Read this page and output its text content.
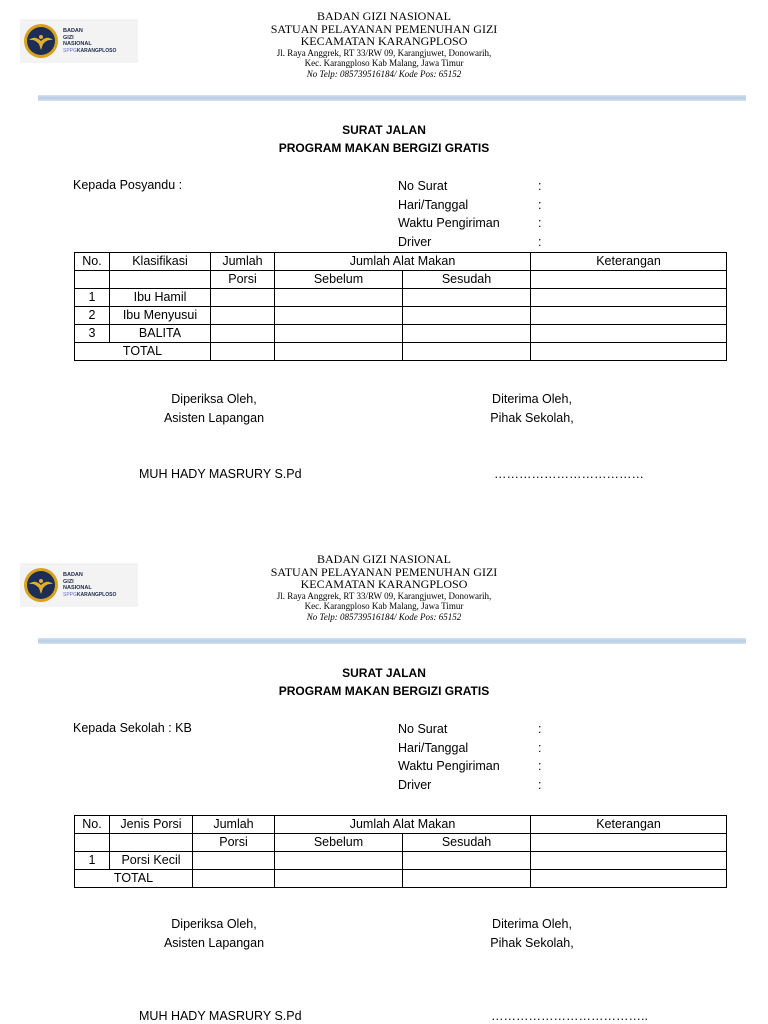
BADAN
GIZI
NASIONAL
SPPGKARANGPLOSO
BADAN GIZI NASIONAL
SATUAN PELAYANAN PEMENUHAN GIZI
KECAMATAN KARANGPLOSO
Jl. Raya Anggrek, RT 33/RW 09, Karangjuwet, Donowarih,
Kec. Karangploso Kab Malang, Jawa Timur
No Telp: 085739516184/ Kode Pos: 65152
SURAT JALAN
PROGRAM MAKAN BERGIZI GRATIS
Kepada Posyandu :	No Surat	:
Hari/Tanggal	:
Waktu Pengiriman	:
Driver	:
No.	Klasifikasi	Jumlah	Jumlah Alat Makan		Keterangan
		Porsi	Sebelum	Sesudah	
1	Ibu Hamil				
2	Ibu Menyusui				
3	BALITA				
TOTAL					
Diperiksa Oleh,
Asisten Lapangan
Diterima Oleh,
Pihak Sekolah,
MUH HADY MASRURY S.Pd	………………………………
BADAN
GIZI
NASIONAL
SPPGKARANGPLOSO
BADAN GIZI NASIONAL
SATUAN PELAYANAN PEMENUHAN GIZI
KECAMATAN KARANGPLOSO
Jl. Raya Anggrek, RT 33/RW 09, Karangjuwet, Donowarih,
Kec. Karangploso Kab Malang, Jawa Timur
No Telp: 085739516184/ Kode Pos: 65152
SURAT JALAN
PROGRAM MAKAN BERGIZI GRATIS
Kepada Sekolah : KB	No Surat	:
Hari/Tanggal	:
Waktu Pengiriman	:
Driver	:
No.	Jenis Porsi	Jumlah	Jumlah Alat Makan		Keterangan
		Porsi	Sebelum	Sesudah	
1	Porsi Kecil				
TOTAL					
Diperiksa Oleh,
Asisten Lapangan
Diterima Oleh,
Pihak Sekolah,
MUH HADY MASRURY S.Pd	………………………………..
